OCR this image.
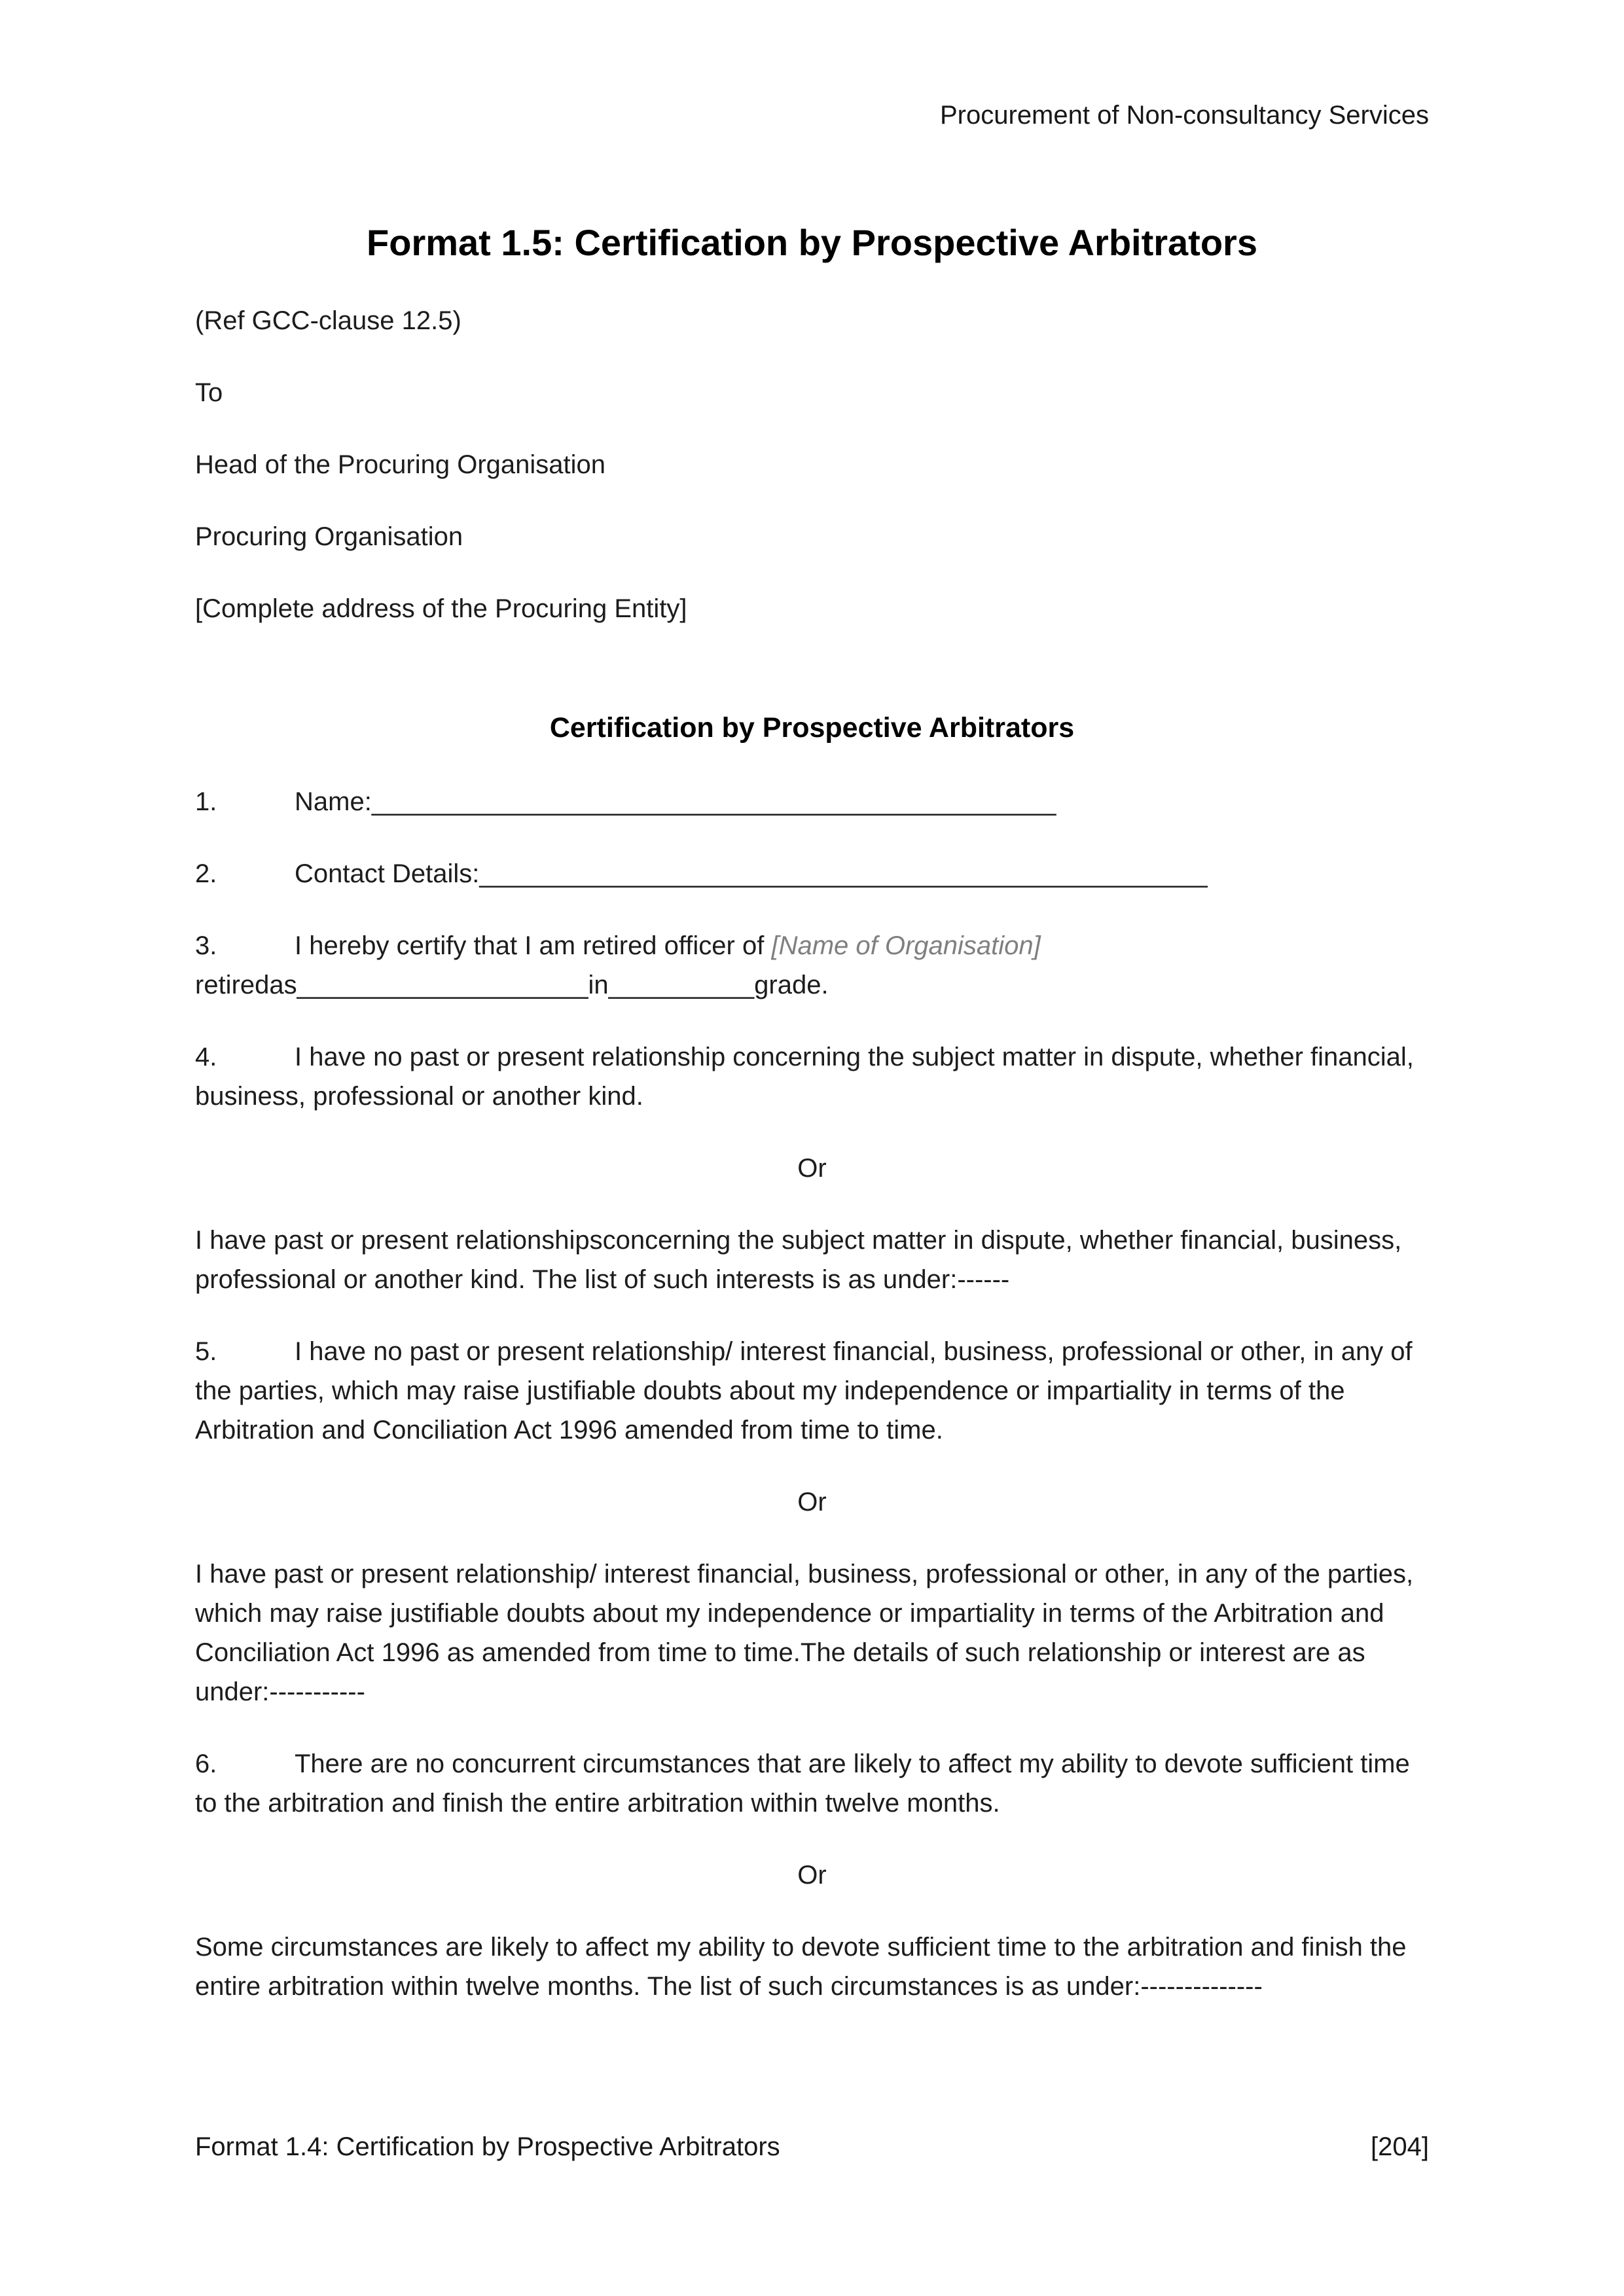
Procurement of Non-consultancy Services
Format 1.5: Certification by Prospective Arbitrators

(Ref GCC-clause 12.5)

To

Head of the Procuring Organisation

Procuring Organisation

[Complete address of the Procuring Entity]

Certification by Prospective Arbitrators

1.	Name:_______________________________________________

2.	Contact Details:__________________________________________________

3.	I hereby certify that I am retired officer of [Name of Organisation]
retiredas____________________in__________grade.

4.	I have no past or present relationship concerning the subject matter in dispute, whether financial, business, professional or another kind.

Or

I have past or present relationshipsconcerning the subject matter in dispute, whether financial, business, professional or another kind. The list of such interests is as under:------

5.	I have no past or present relationship/ interest financial, business, professional or other, in any of the parties, which may raise justifiable doubts about my independence or impartiality in terms of the Arbitration and Conciliation Act 1996 amended from time to time.

Or

I have past or present relationship/ interest financial, business, professional or other, in any of the parties, which may raise justifiable doubts about my independence or impartiality in terms of the Arbitration and Conciliation Act 1996 as amended from time to time.The details of such relationship or interest are as under:-----------

6.	There are no concurrent circumstances that are likely to affect my ability to devote sufficient time to the arbitration and finish the entire arbitration within twelve months.

Or

Some circumstances are likely to affect my ability to devote sufficient time to the arbitration and finish the entire arbitration within twelve months. The list of such circumstances is as under:--------------

Format 1.4: Certification by Prospective Arbitrators	[204]
